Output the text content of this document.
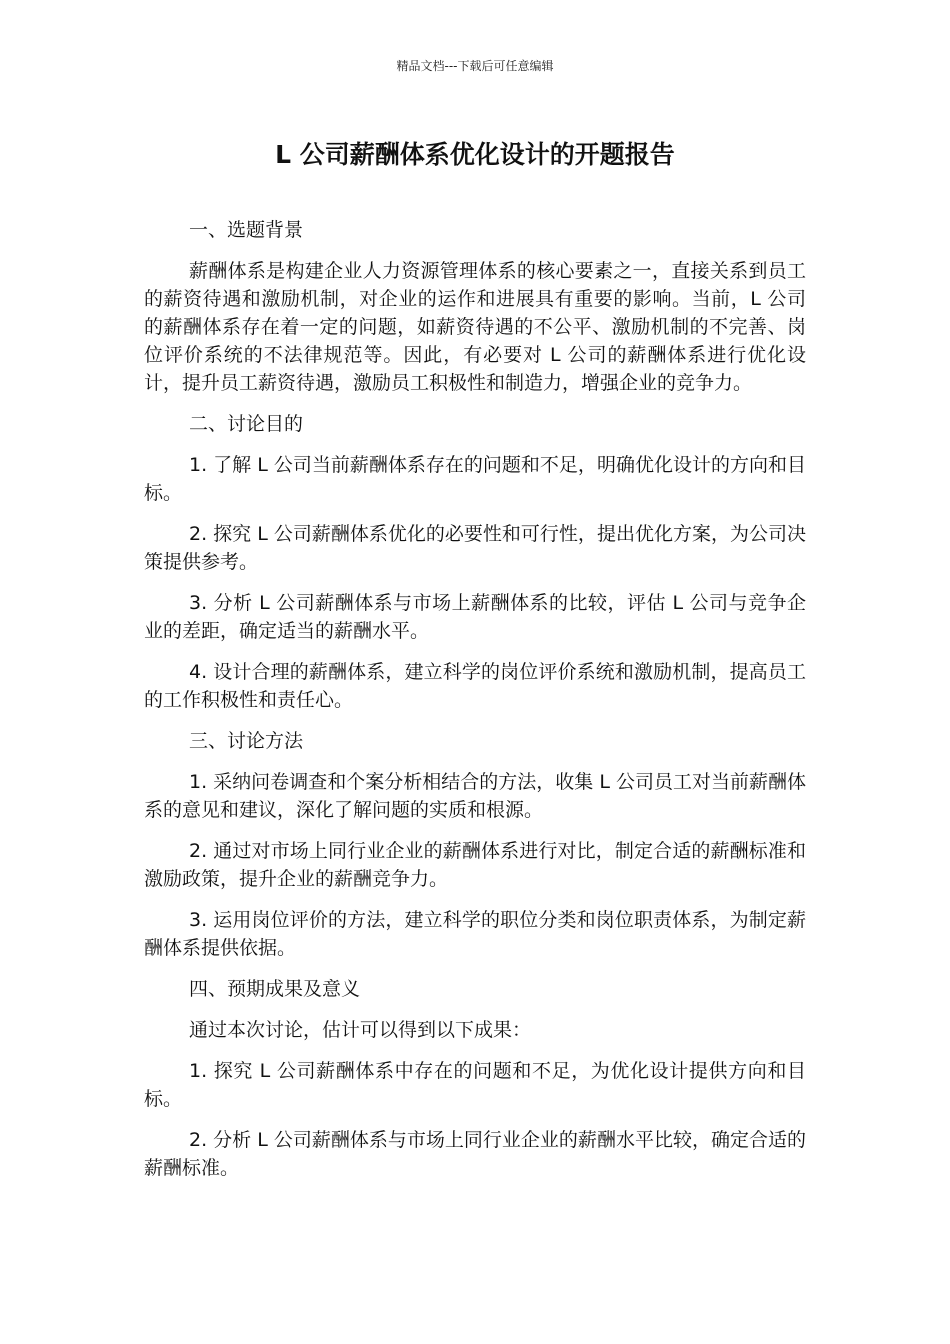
精品文档---下载后可任意编辑
L 公司薪酬体系优化设计的开题报告

一、选题背景

薪酬体系是构建企业人力资源管理体系的核心要素之一，直接关系到员工的薪资待遇和激励机制，对企业的运作和进展具有重要的影响。当前，L 公司的薪酬体系存在着一定的问题，如薪资待遇的不公平、激励机制的不完善、岗位评价系统的不法律规范等。因此，有必要对 L 公司的薪酬体系进行优化设计，提升员工薪资待遇，激励员工积极性和制造力，增强企业的竞争力。

二、讨论目的

1. 了解 L 公司当前薪酬体系存在的问题和不足，明确优化设计的方向和目标。

2. 探究 L 公司薪酬体系优化的必要性和可行性，提出优化方案，为公司决策提供参考。

3. 分析 L 公司薪酬体系与市场上薪酬体系的比较，评估 L 公司与竞争企业的差距，确定适当的薪酬水平。

4. 设计合理的薪酬体系，建立科学的岗位评价系统和激励机制，提高员工的工作积极性和责任心。

三、讨论方法

1. 采纳问卷调查和个案分析相结合的方法，收集 L 公司员工对当前薪酬体系的意见和建议，深化了解问题的实质和根源。

2. 通过对市场上同行业企业的薪酬体系进行对比，制定合适的薪酬标准和激励政策，提升企业的薪酬竞争力。

3. 运用岗位评价的方法，建立科学的职位分类和岗位职责体系，为制定薪酬体系提供依据。

四、预期成果及意义

通过本次讨论，估计可以得到以下成果：

1. 探究 L 公司薪酬体系中存在的问题和不足，为优化设计提供方向和目标。

2. 分析 L 公司薪酬体系与市场上同行业企业的薪酬水平比较，确定合适的薪酬标准。
